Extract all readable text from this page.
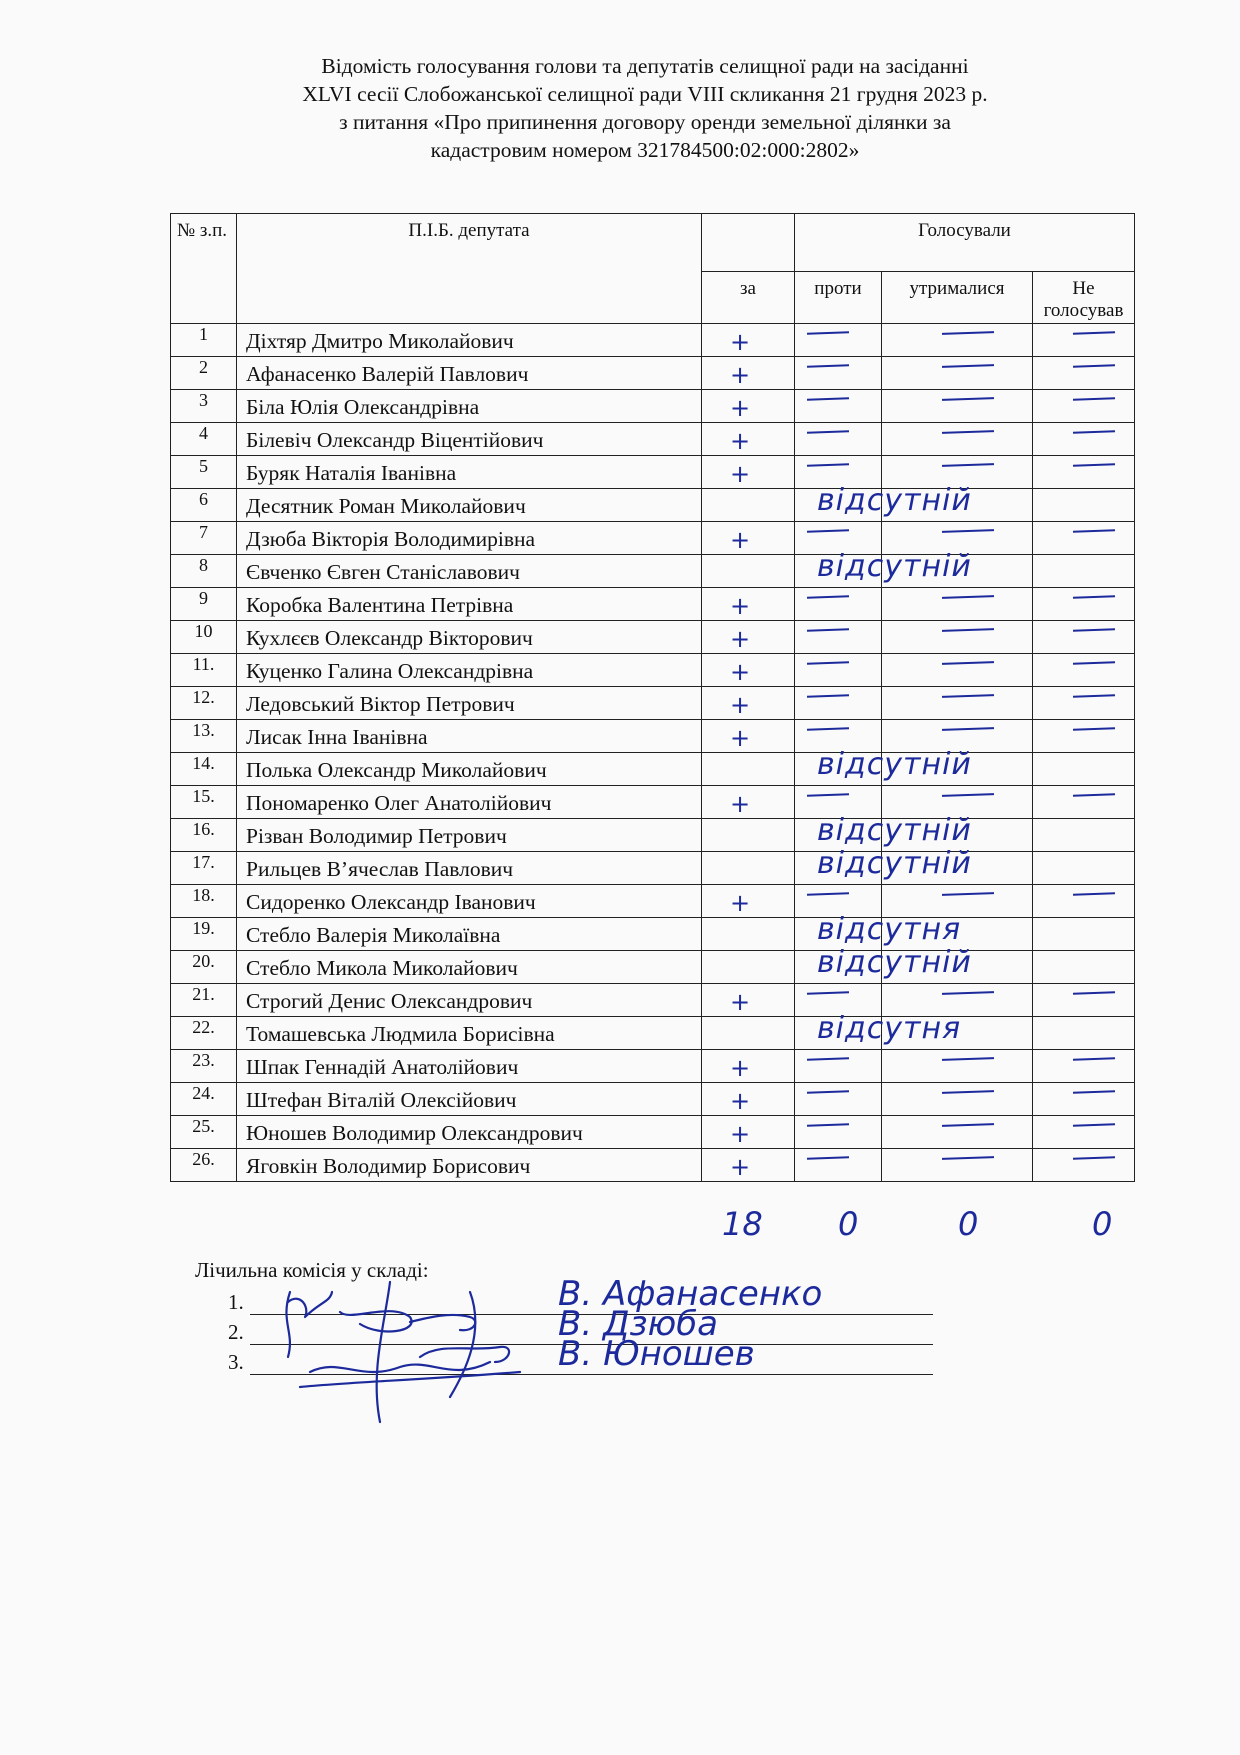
Відомість голосування голови та депутатів селищної ради на засіданні
XLVI сесії Слобожанської селищної ради VIII скликання 21 грудня 2023 р.
з питання «Про припинення договору оренди земельної ділянки за
кадастровим номером 321784500:02:000:2802»
№ з.п.	П.І.Б. депутата		Голосували		

		за	проти	утрималися	Не голосував

1	Діхтяр Дмитро Миколайович	+			

2	Афанасенко Валерій Павлович	+			

3	Біла Юлія Олександрівна	+			

4	Білевіч Олександр Віцентійович	+			

5	Буряк Наталія Іванівна	+			

6	Десятник Роман Миколайович		відсутній		

7	Дзюба Вікторія Володимирівна	+			

8	Євченко Євген Станіславович		відсутній		

9	Коробка Валентина Петрівна	+			

10	Кухлєєв Олександр Вікторович	+			

11.	Куценко Галина Олександрівна	+			

12.	Ледовський Віктор Петрович	+			

13.	Лисак Інна Іванівна	+			

14.	Полька Олександр Миколайович		відсутній		

15.	Пономаренко Олег Анатолійович	+			

16.	Різван Володимир Петрович		відсутній		

17.	Рильцев В’ячеслав Павлович		відсутній		

18.	Сидоренко Олександр Іванович	+			

19.	Стебло Валерія Миколаївна		відсутня		

20.	Стебло Микола Миколайович		відсутній		

21.	Строгий Денис Олександрович	+			

22.	Томашевська Людмила Борисівна		відсутня		

23.	Шпак Геннадій Анатолійович	+			

24.	Штефан Віталій Олексійович	+			

25.	Юношев Володимир Олександрович	+			

26.	Яговкін Володимир Борисович	+			

18 0	0	0
Лічильна комісія у складі:
1.	В. Афанасенко
2.	В. Дзюба
3.	В. Юношев
